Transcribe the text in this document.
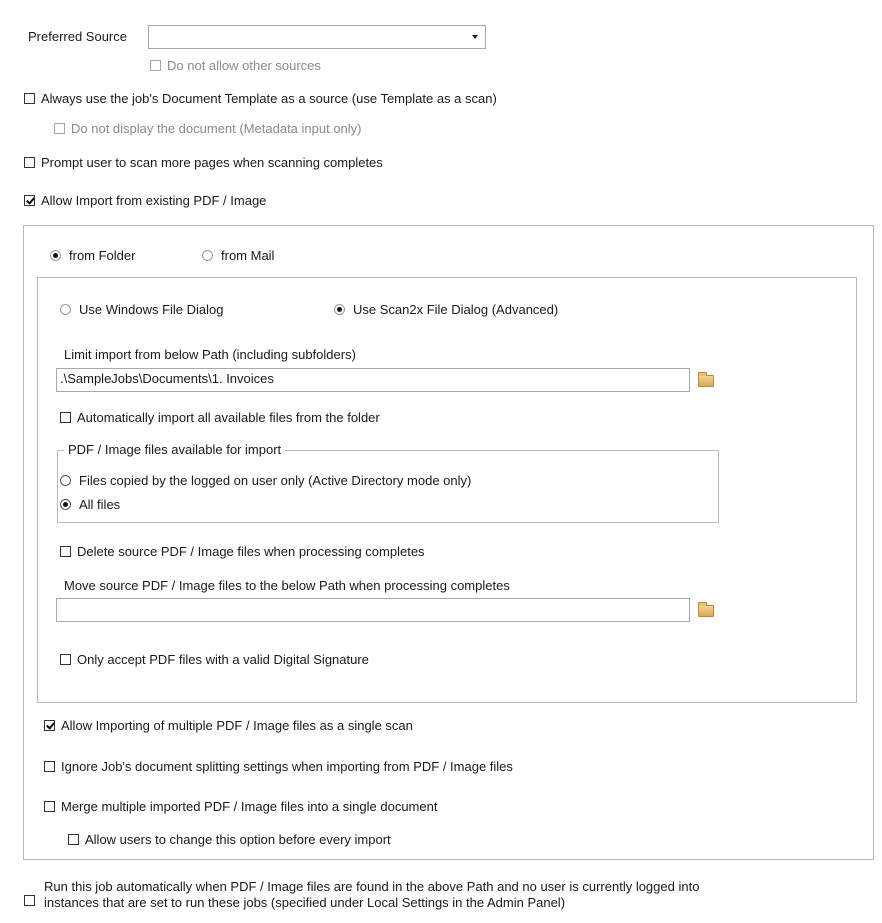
Preferred Source
Do not allow other sources
Always use the job's Document Template as a source (use Template as a scan)
Do not display the document (Metadata input only)
Prompt user to scan more pages when scanning completes
Allow Import from existing PDF / Image
from Folder	from Mail
Use Windows File Dialog	Use Scan2x File Dialog (Advanced)
Limit import from below Path (including subfolders)
.\SampleJobs\Documents\1. Invoices
Automatically import all available files from the folder
PDF / Image files available for import
Files copied by the logged on user only (Active Directory mode only)
All files
Delete source PDF / Image files when processing completes
Move source PDF / Image files to the below Path when processing completes
Only accept PDF files with a valid Digital Signature
Allow Importing of multiple PDF / Image files as a single scan
Ignore Job's document splitting settings when importing from PDF / Image files
Merge multiple imported PDF / Image files into a single document
Allow users to change this option before every import
Run this job automatically when PDF / Image files are found in the above Path and no user is currently logged into
instances that are set to run these jobs (specified under Local Settings in the Admin Panel)
